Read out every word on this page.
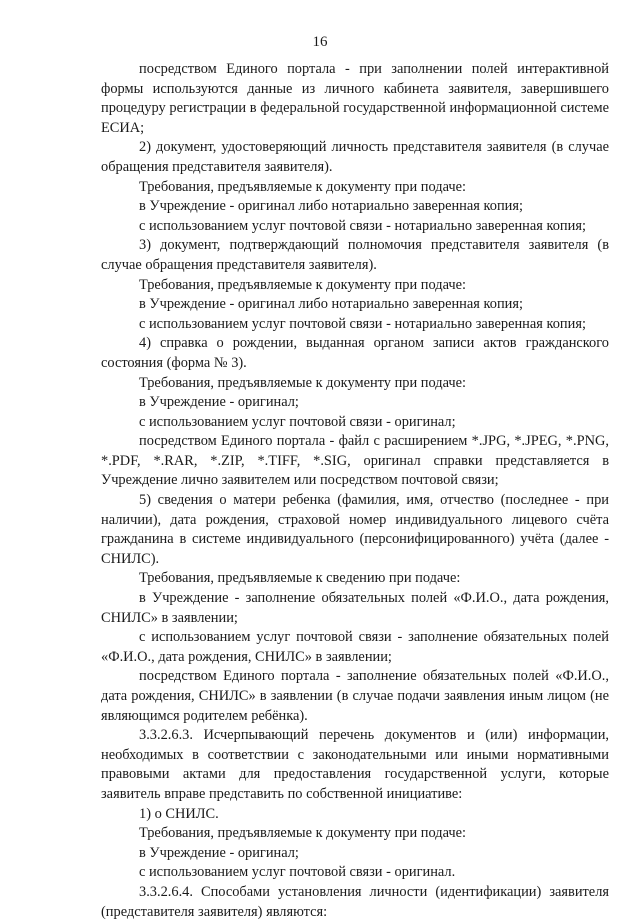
16

посредством Единого портала - при заполнении полей интерактивной формы используются данные из личного кабинета заявителя, завершившего процедуру регистрации в федеральной государственной информационной системе ЕСИА;

2) документ, удостоверяющий личность представителя заявителя (в случае обращения представителя заявителя).

Требования, предъявляемые к документу при подаче:

в Учреждение - оригинал либо нотариально заверенная копия;

с использованием услуг почтовой связи - нотариально заверенная копия;

3) документ, подтверждающий полномочия представителя заявителя (в случае обращения представителя заявителя).

Требования, предъявляемые к документу при подаче:

в Учреждение - оригинал либо нотариально заверенная копия;

с использованием услуг почтовой связи - нотариально заверенная копия;

4) справка о рождении, выданная органом записи актов гражданского состояния (форма № 3).

Требования, предъявляемые к документу при подаче:

в Учреждение - оригинал;

с использованием услуг почтовой связи - оригинал;

посредством Единого портала - файл с расширением *.JPG, *.JPEG, *.PNG, *.PDF, *.RAR, *.ZIP, *.TIFF, *.SIG, оригинал справки представляется в Учреждение лично заявителем или посредством почтовой связи;

5) сведения о матери ребенка (фамилия, имя, отчество (последнее - при наличии), дата рождения, страховой номер индивидуального лицевого счёта гражданина в системе индивидуального (персонифицированного) учёта (далее - СНИЛС).

Требования, предъявляемые к сведению при подаче:

в Учреждение - заполнение обязательных полей «Ф.И.О., дата рождения, СНИЛС» в заявлении;

с использованием услуг почтовой связи - заполнение обязательных полей «Ф.И.О., дата рождения, СНИЛС» в заявлении;

посредством Единого портала - заполнение обязательных полей «Ф.И.О., дата рождения, СНИЛС» в заявлении (в случае подачи заявления иным лицом (не являющимся родителем ребёнка).

3.3.2.6.3. Исчерпывающий перечень документов и (или) информации, необходимых в соответствии с законодательными или иными нормативными правовыми актами для предоставления государственной услуги, которые заявитель вправе представить по собственной инициативе:

1) о СНИЛС.

Требования, предъявляемые к документу при подаче:

в Учреждение - оригинал;

с использованием услуг почтовой связи - оригинал.

3.3.2.6.4. Способами установления личности (идентификации) заявителя (представителя заявителя) являются:
